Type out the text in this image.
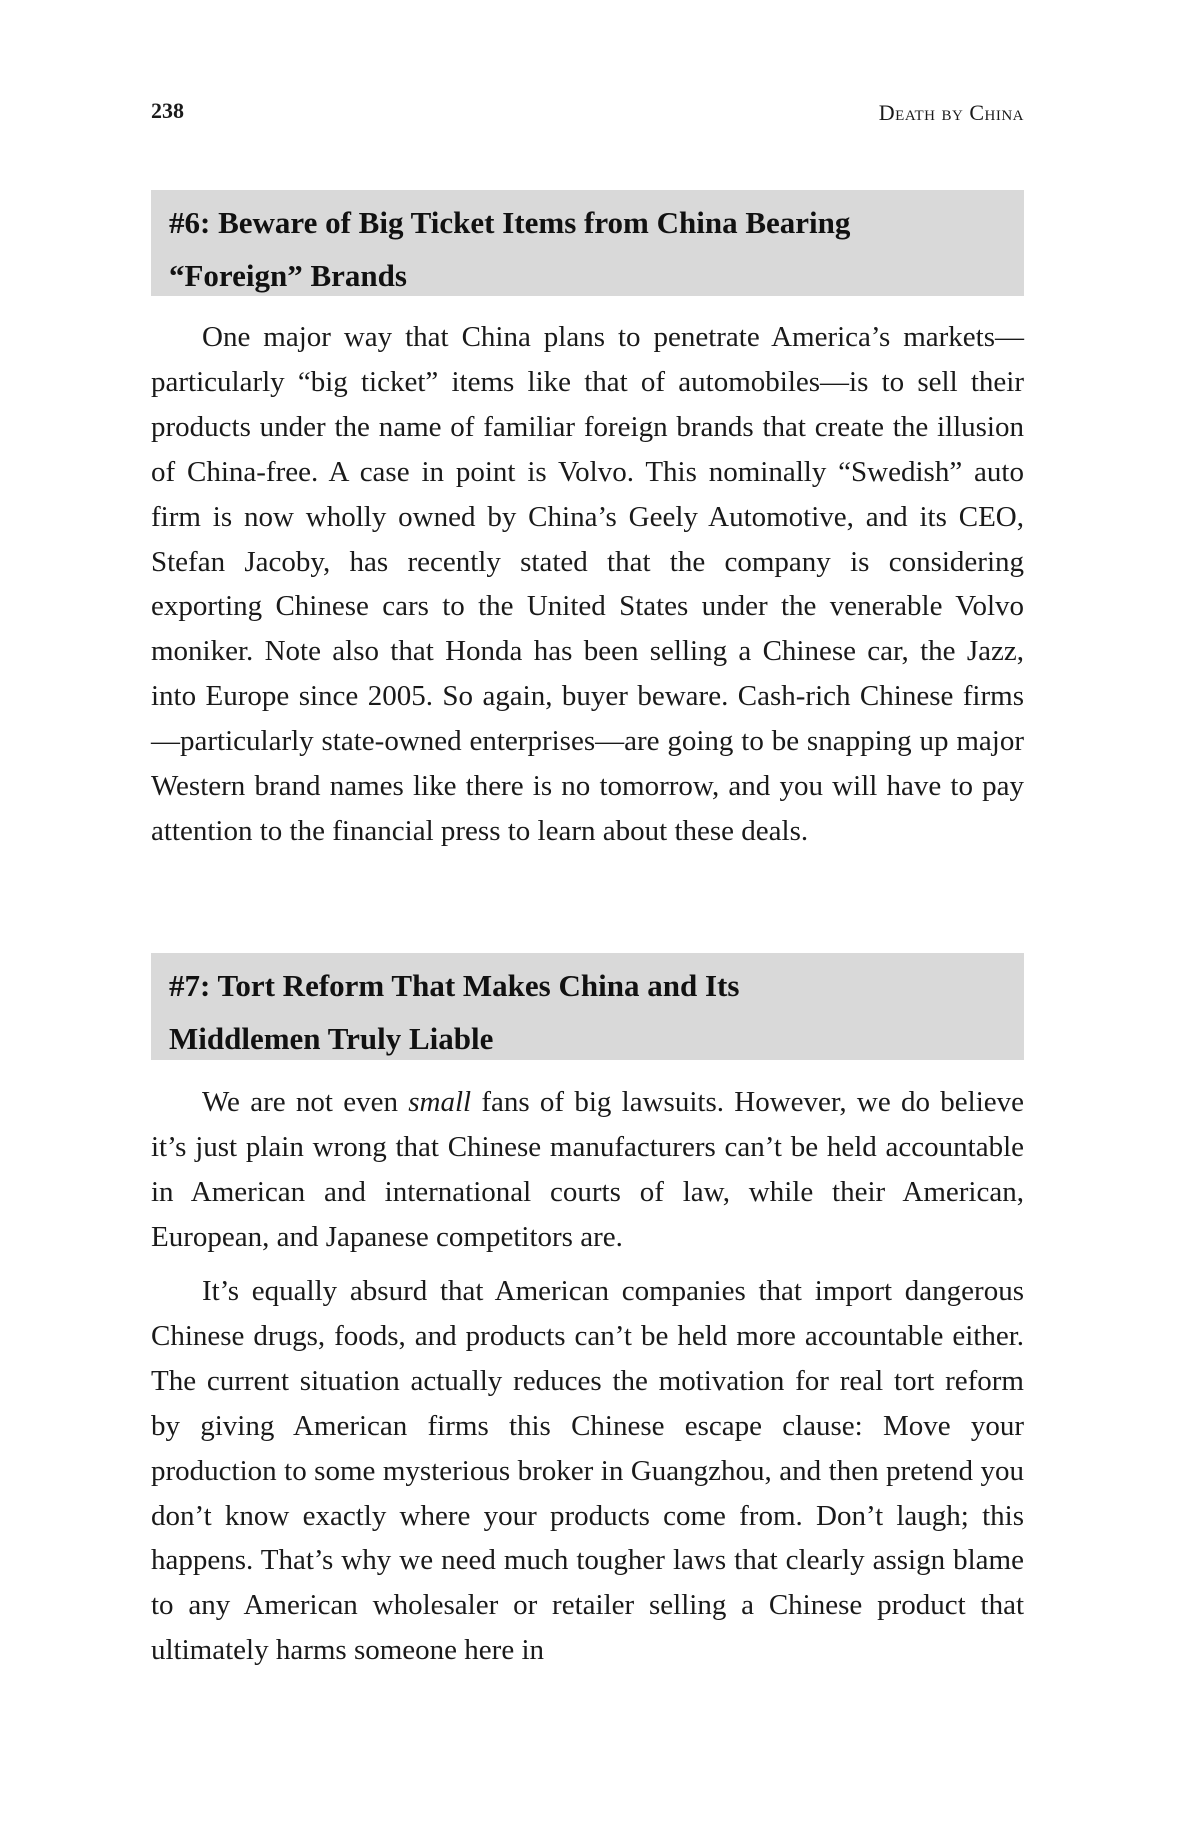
238	Death by China
#6: Beware of Big Ticket Items from China Bearing
“Foreign” Brands

One major way that China plans to penetrate America’s markets—particularly “big ticket” items like that of automobiles—is to sell their products under the name of familiar foreign brands that create the illusion of China-free. A case in point is Volvo. This nominally “Swedish” auto firm is now wholly owned by China’s Geely Automotive, and its CEO, Stefan Jacoby, has recently stated that the company is considering exporting Chinese cars to the United States under the venerable Volvo moniker. Note also that Honda has been selling a Chinese car, the Jazz, into Europe since 2005. So again, buyer beware. Cash-rich Chinese firms—particularly state-owned enterprises—are going to be snapping up major Western brand names like there is no tomorrow, and you will have to pay attention to the financial press to learn about these deals.

#7: Tort Reform That Makes China and Its
Middlemen Truly Liable

We are not even small fans of big lawsuits. However, we do believe it’s just plain wrong that Chinese manufacturers can’t be held accountable in American and international courts of law, while their American, European, and Japanese competitors are.

It’s equally absurd that American companies that import dangerous Chinese drugs, foods, and products can’t be held more accountable either. The current situation actually reduces the motivation for real tort reform by giving American firms this Chinese escape clause: Move your production to some mysterious broker in Guangzhou, and then pretend you don’t know exactly where your products come from. Don’t laugh; this happens. That’s why we need much tougher laws that clearly assign blame to any American wholesaler or retailer selling a Chinese product that ultimately harms someone here in
